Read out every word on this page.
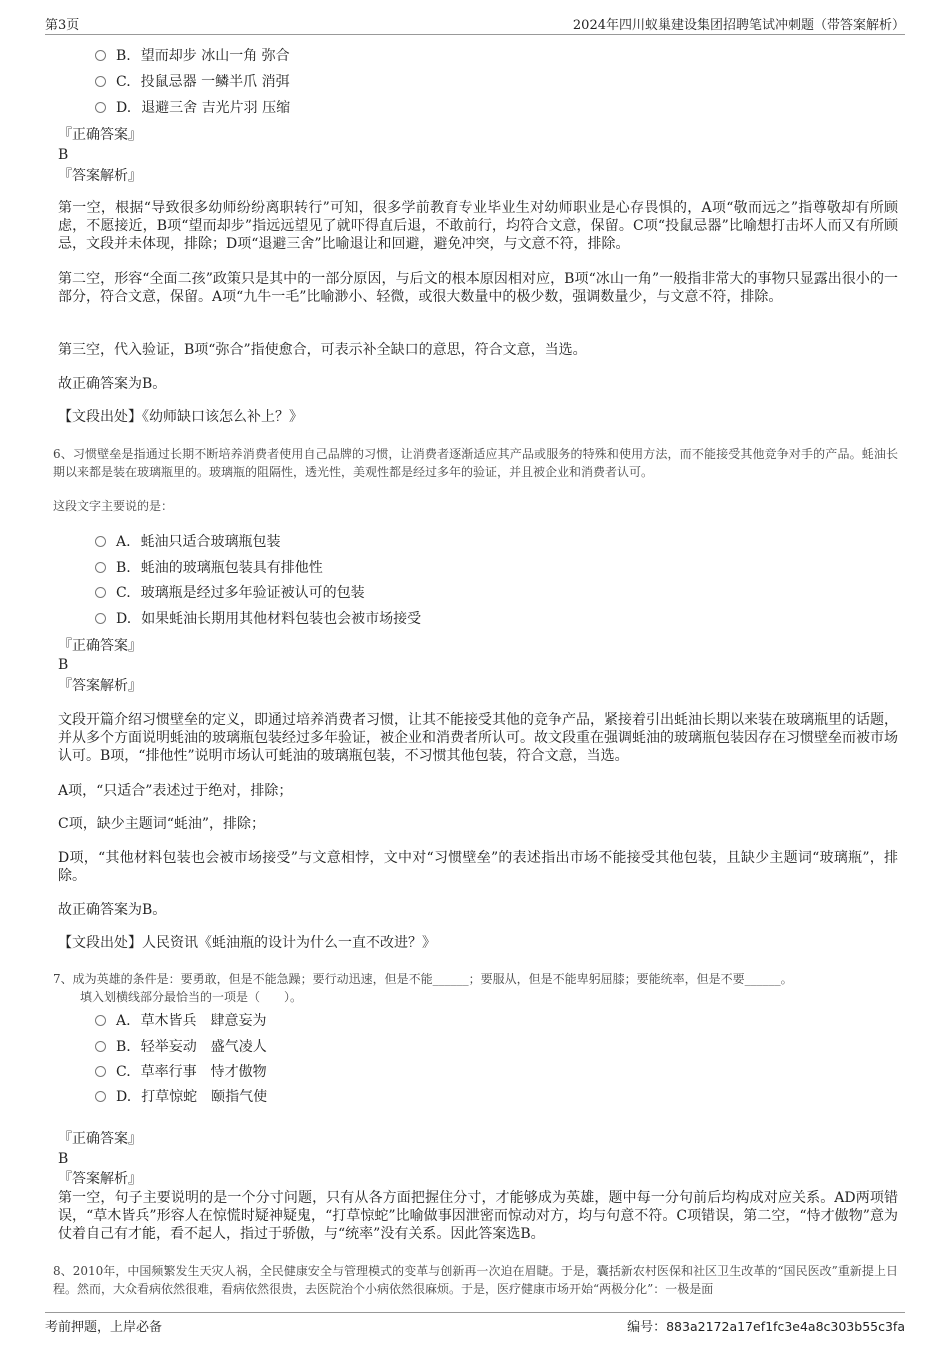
第3页	2024年四川蚁巢建设集团招聘笔试冲刺题（带答案解析）
B. 望而却步 冰山一角 弥合
C. 投鼠忌器 一鳞半爪 消弭
D. 退避三舍 吉光片羽 压缩
『正确答案』
B
『答案解析』
第一空，根据“导致很多幼师纷纷离职转行”可知，很多学前教育专业毕业生对幼师职业是心存畏惧的，A项“敬而远之”指尊敬却有所顾虑，不愿接近，B项“望而却步”指远远望见了就吓得直后退，不敢前行，均符合文意，保留。C项“投鼠忌器”比喻想打击坏人而又有所顾忌，文段并未体现，排除；D项“退避三舍”比喻退让和回避，避免冲突，与文意不符，排除。
第二空，形容“全面二孩”政策只是其中的一部分原因，与后文的根本原因相对应，B项“冰山一角”一般指非常大的事物只显露出很小的一部分，符合文意，保留。A项“九牛一毛”比喻渺小、轻微，或很大数量中的极少数，强调数量少，与文意不符，排除。
第三空，代入验证，B项“弥合”指使愈合，可表示补全缺口的意思，符合文意，当选。
故正确答案为B。
【文段出处】《幼师缺口该怎么补上？》
6、习惯壁垒是指通过长期不断培养消费者使用自己品牌的习惯，让消费者逐渐适应其产品或服务的特殊和使用方法，而不能接受其他竞争对手的产品。蚝油长期以来都是装在玻璃瓶里的。玻璃瓶的阻隔性，透光性，美观性都是经过多年的验证，并且被企业和消费者认可。
这段文字主要说的是：
A. 蚝油只适合玻璃瓶包装
B. 蚝油的玻璃瓶包装具有排他性
C. 玻璃瓶是经过多年验证被认可的包装
D. 如果蚝油长期用其他材料包装也会被市场接受
『正确答案』
B
『答案解析』
文段开篇介绍习惯壁垒的定义，即通过培养消费者习惯，让其不能接受其他的竞争产品，紧接着引出蚝油长期以来装在玻璃瓶里的话题，并从多个方面说明蚝油的玻璃瓶包装经过多年验证，被企业和消费者所认可。故文段重在强调蚝油的玻璃瓶包装因存在习惯壁垒而被市场认可。B项，“排他性”说明市场认可蚝油的玻璃瓶包装，不习惯其他包装，符合文意，当选。
A项，“只适合”表述过于绝对，排除；
C项，缺少主题词“蚝油”，排除；
D项，“其他材料包装也会被市场接受”与文意相悖，文中对“习惯壁垒”的表述指出市场不能接受其他包装，且缺少主题词“玻璃瓶”，排除。
故正确答案为B。
【文段出处】人民资讯《蚝油瓶的设计为什么一直不改进？》
7、成为英雄的条件是：要勇敢，但是不能急躁；要行动迅速，但是不能______；要服从，但是不能卑躬屈膝；要能统率，但是不要______。
填入划横线部分最恰当的一项是（　　）。
A. 草木皆兵　肆意妄为
B. 轻举妄动　盛气凌人
C. 草率行事　恃才傲物
D. 打草惊蛇　颐指气使
『正确答案』
B
『答案解析』
第一空，句子主要说明的是一个分寸问题，只有从各方面把握住分寸，才能够成为英雄，题中每一分句前后均构成对应关系。AD两项错误，“草木皆兵”形容人在惊慌时疑神疑鬼，“打草惊蛇”比喻做事因泄密而惊动对方，均与句意不符。C项错误，第二空，“恃才傲物”意为仗着自己有才能，看不起人，指过于骄傲，与“统率”没有关系。因此答案选B。
8、2010年，中国频繁发生天灾人祸，全民健康安全与管理模式的变革与创新再一次迫在眉睫。于是，囊括新农村医保和社区卫生改革的“国民医改”重新提上日程。然而，大众看病依然很难，看病依然很贵，去医院治个小病依然很麻烦。于是，医疗健康市场开始“两极分化”：一极是面
考前押题，上岸必备	编号：883a2172a17ef1fc3e4a8c303b55c3fa
